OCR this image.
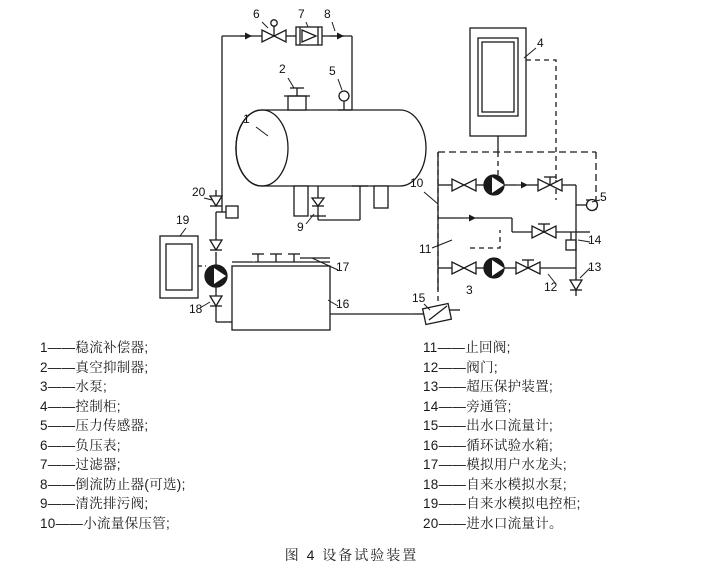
1
2
3
4
5
5
6	7 8
9
10
11
12
13
14
15
16
17
18
19
20
1——稳流补偿器;
2——真空抑制器;
3——水泵;
4——控制柜;
5——压力传感器;
6——负压表;
7——过滤器;
8——倒流防止器(可选);
9——清洗排污阀;
10——小流量保压管;
11——止回阀;
12——阀门;
13——超压保护装置;
14——旁通管;
15——出水口流量计;
16——循环试验水箱;
17——模拟用户水龙头;
18——自来水模拟水泵;
19——自来水模拟电控柜;
20——进水口流量计。
图 4 设备试验装置
